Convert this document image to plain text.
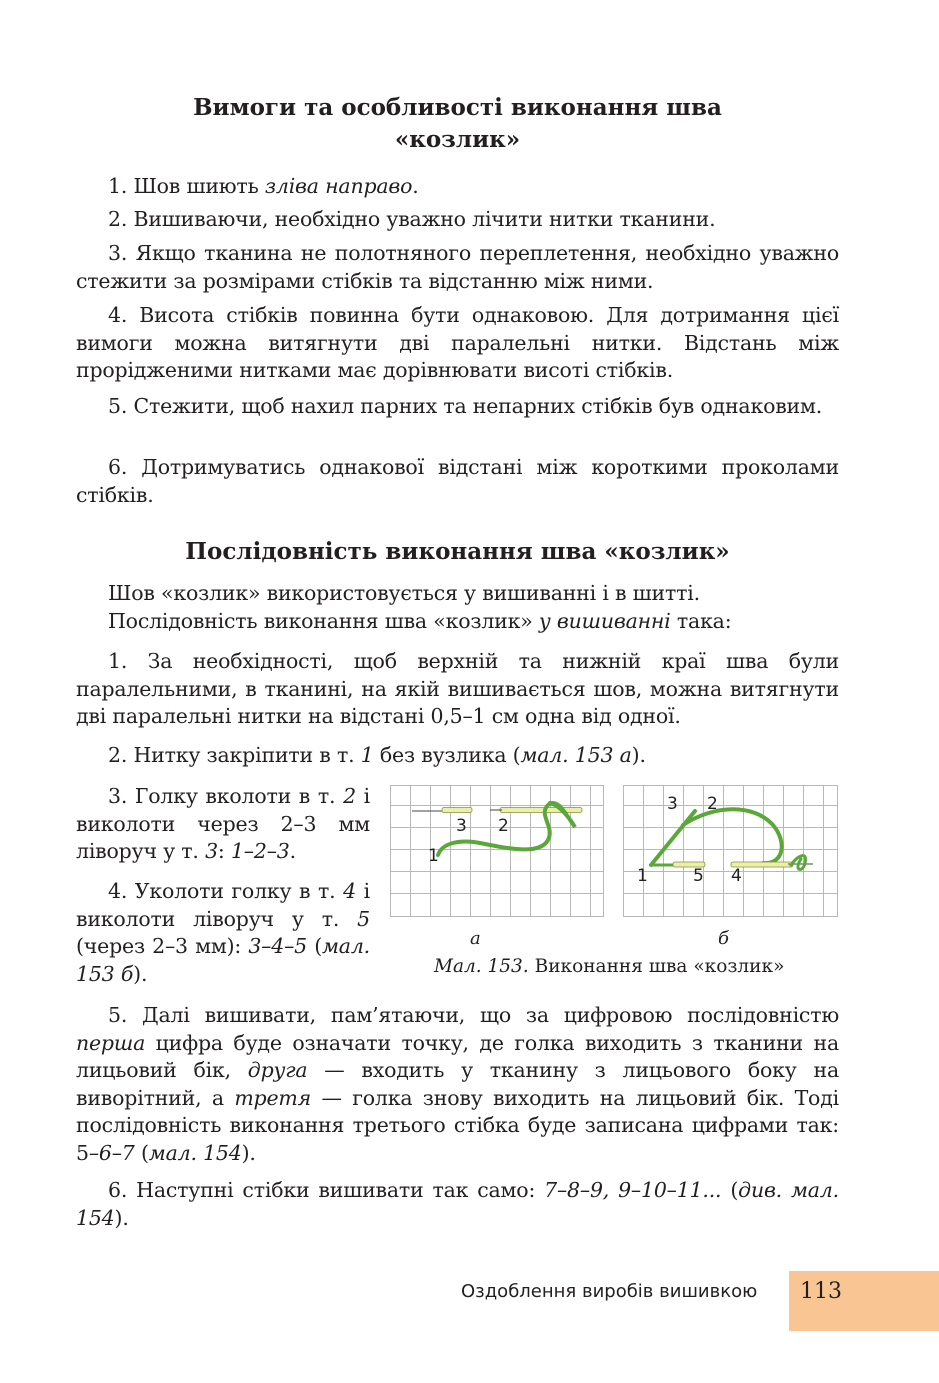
Вимоги та особливості виконання шва
«козлик»

1. Шов шиють зліва направо.

2. Вишиваючи, необхідно уважно лічити нитки тканини.

3. Якщо тканина не полотняного переплетення, необхідно уважно стежити за розмірами стібків та відстанню між ними.

4. Висота стібків повинна бути однаковою. Для дотримання цієї вимоги можна витягнути дві паралельні нитки. Відстань між прорідженими нитками має дорівнювати висоті стібків.

5. Стежити, щоб нахил парних та непарних стібків був однаковим.

6. Дотримуватись однакової відстані між короткими проколами стібків.

Послідовність виконання шва «козлик»

Шов «козлик» використовується у вишиванні і в шитті.

Послідовність виконання шва «козлик» у вишиванні така:

1. За необхідності, щоб верхній та нижній краї шва були паралельними, в тканині, на якій вишивається шов, можна витягнути дві паралельні нитки на відстані 0,5–1 см одна від одної.

2. Нитку закріпити в т. 1 без вузлика (мал. 153 а).

3. Голку вколоти в т. 2 і виколоти через 2–3 мм ліворуч у т. 3: 1–2–3.

4. Уколоти голку в т. 4 і виколоти ліворуч у т. 5 (через 2–3 мм): 3–4–5 (мал. 153 б).

1
3 2
3 2
1	5 4
а	б
Мал. 153. Виконання шва «козлик»

5. Далі вишивати, пам’ятаючи, що за цифровою послідовністю перша цифра буде означати точку, де голка виходить з тканини на лицьовий бік, друга — входить у тканину з лицьового боку на виворітний, а третя — голка знову виходить на лицьовий бік. Тоді послідовність виконання третього стібка буде записана цифрами так: 5–6–7 (мал. 154).

6. Наступні стібки вишивати так само: 7–8–9, 9–10–11... (див. мал. 154).

Оздоблення виробів вишивкою 113
